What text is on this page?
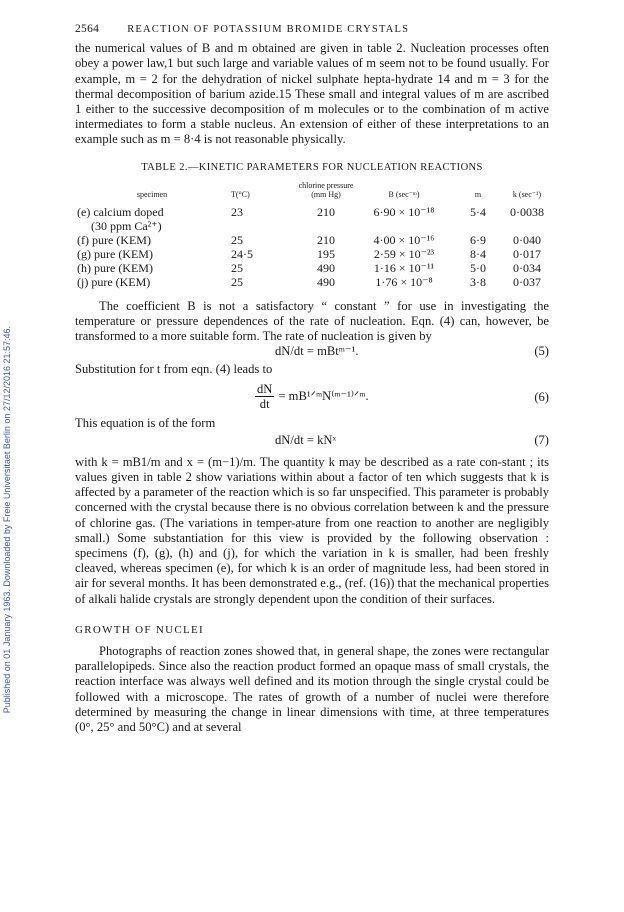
Published on 01 January 1963. Downloaded by Freie Universitaet Berlin on 27/12/2016 21:57:46.
2564	REACTION OF POTASSIUM BROMIDE CRYSTALS

the numerical values of B and m obtained are given in table 2. Nucleation processes often obey a power law,1 but such large and variable values of m seem not to be found usually. For example, m = 2 for the dehydration of nickel sulphate hepta-hydrate 14 and m = 3 for the thermal decomposition of barium azide.15 These small and integral values of m are ascribed 1 either to the successive decomposition of m molecules or to the combination of m active intermediates to form a stable nucleus. An extension of either of these interpretations to an example such as m = 8·4 is not reasonable physically.

TABLE 2.—KINETIC PARAMETERS FOR NUCLEATION REACTIONS
specimen	T(°C)	chlorine pressure (mm Hg)	B (sec⁻ᵐ)	m	k (sec⁻¹)
(e) calcium doped	23	210	6·90 × 10⁻¹⁸	5·4	0·0038
(30 ppm Ca²⁺)					
(f) pure (KEM)	25	210	4·00 × 10⁻¹⁶	6·9	0·040
(g) pure (KEM)	24·5	195	2·59 × 10⁻²³	8·4	0·017
(h) pure (KEM)	25	490	1·16 × 10⁻¹¹	5·0	0·034
(j) pure (KEM)	25	490	1·76 × 10⁻⁸	3·8	0·037

The coefficient B is not a satisfactory “ constant ” for use in investigating the temperature or pressure dependences of the rate of nucleation. Eqn. (4) can, however, be transformed to a more suitable form. The rate of nucleation is given by

dN/dt = mBtᵐ⁻¹.	(5)

Substitution for t from eqn. (4) leads to

$\frac{dN}{dt}$ = mB¹ᐟᵐN⁽ᵐ⁻¹⁾ᐟᵐ.	(6)

This equation is of the form

dN/dt = kNˣ	(7)

with k = mB1/m and x = (m−1)/m. The quantity k may be described as a rate con-stant ; its values given in table 2 show variations within about a factor of ten which suggests that k is affected by a parameter of the reaction which is so far unspecified. This parameter is probably concerned with the crystal because there is no obvious correlation between k and the pressure of chlorine gas. (The variations in temper-ature from one reaction to another are negligibly small.) Some substantiation for this view is provided by the following observation : specimens (f), (g), (h) and (j), for which the variation in k is smaller, had been freshly cleaved, whereas specimen (e), for which k is an order of magnitude less, had been stored in air for several months. It has been demonstrated e.g., (ref. (16)) that the mechanical properties of alkali halide crystals are strongly dependent upon the condition of their surfaces.

GROWTH OF NUCLEI

Photographs of reaction zones showed that, in general shape, the zones were rectangular parallelopipeds. Since also the reaction product formed an opaque mass of small crystals, the reaction interface was always well defined and its motion through the single crystal could be followed with a microscope. The rates of growth of a number of nuclei were therefore determined by measuring the change in linear dimensions with time, at three temperatures (0°, 25° and 50°C) and at several
